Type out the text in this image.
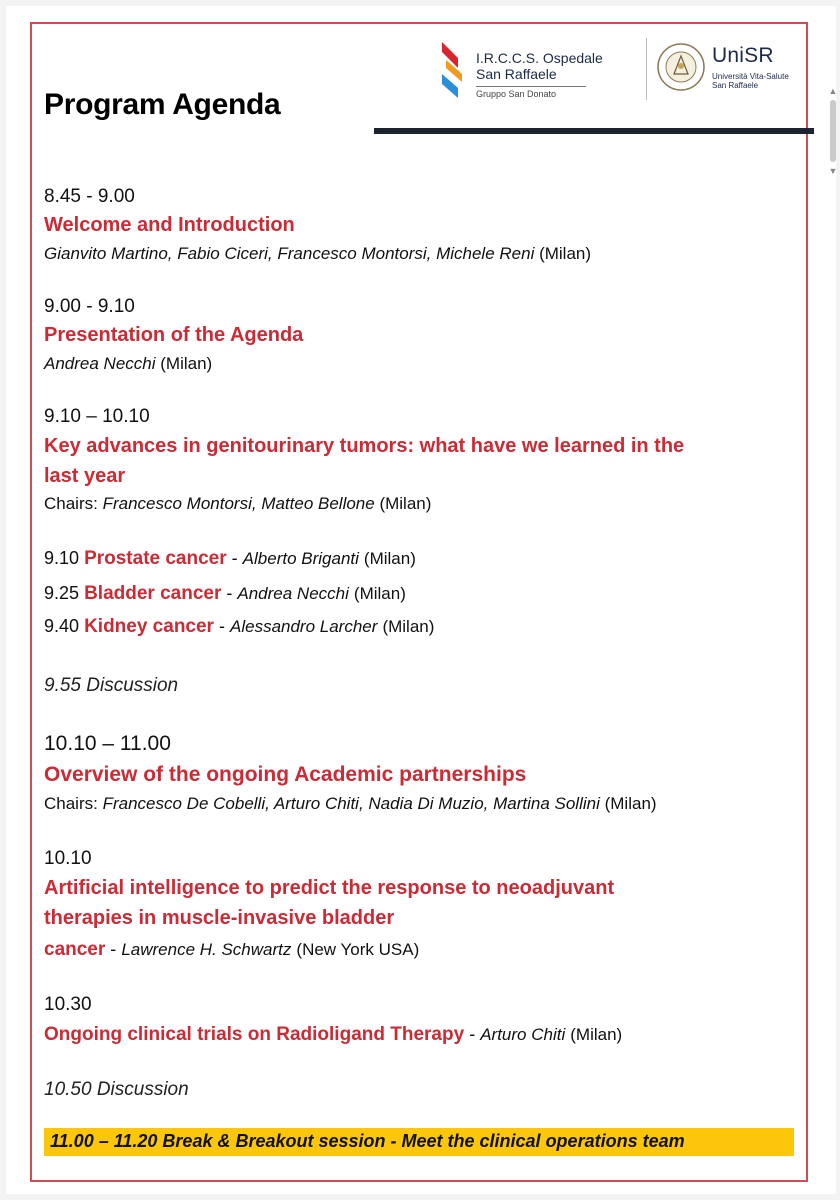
▲
▼
I.R.C.C.S. Ospedale
San Raffaele
Gruppo San Donato
UniSR
Università Vita-Salute
San Raffaele
Program Agenda
8.45 - 9.00
Welcome and Introduction
Gianvito Martino, Fabio Ciceri, Francesco Montorsi, Michele Reni (Milan)
9.00 - 9.10
Presentation of the Agenda
Andrea Necchi (Milan)
9.10 – 10.10
Key advances in genitourinary tumors: what have we learned in the
last year
Chairs: Francesco Montorsi, Matteo Bellone (Milan)
9.10 Prostate cancer - Alberto Briganti (Milan)
9.25 Bladder cancer - Andrea Necchi (Milan)
9.40 Kidney cancer - Alessandro Larcher (Milan)
9.55 Discussion
10.10 – 11.00
Overview of the ongoing Academic partnerships
Chairs: Francesco De Cobelli, Arturo Chiti, Nadia Di Muzio, Martina Sollini (Milan)
10.10
Artificial intelligence to predict the response to neoadjuvant
therapies in muscle-invasive bladder
cancer - Lawrence H. Schwartz (New York USA)
10.30
Ongoing clinical trials on Radioligand Therapy - Arturo Chiti (Milan)
10.50 Discussion
11.00 – 11.20 Break & Breakout session - Meet the clinical operations team
